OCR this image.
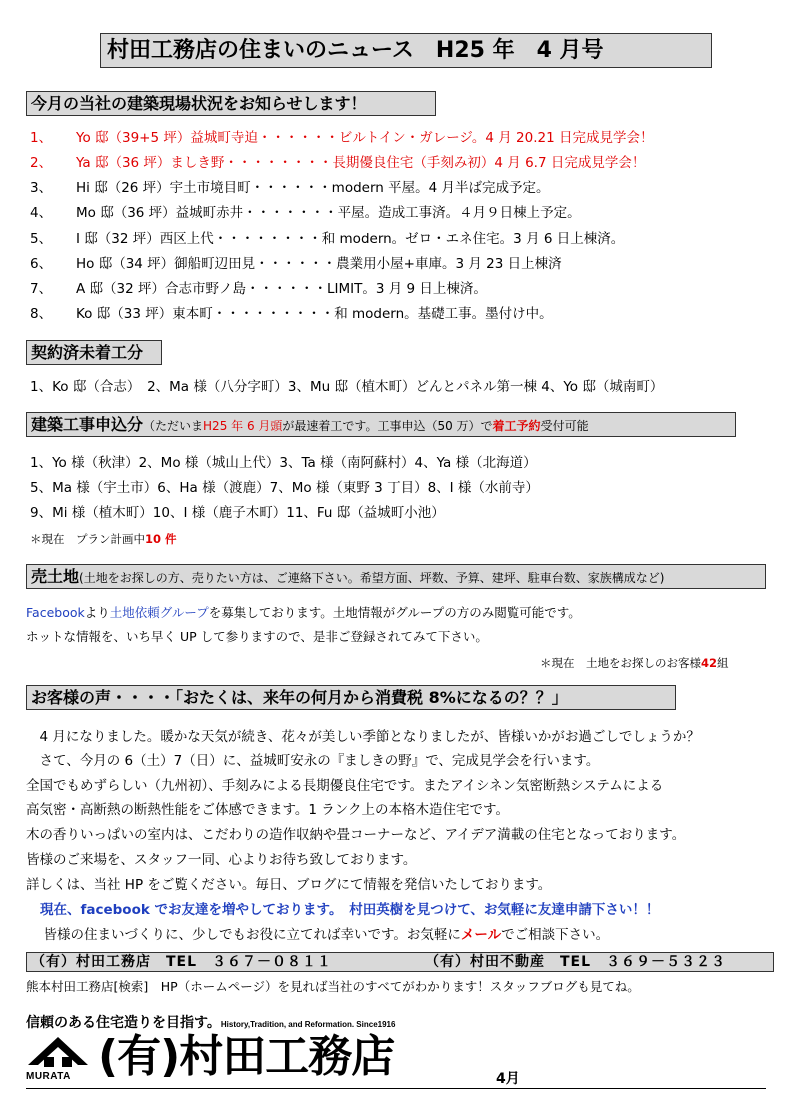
村田工務店の住まいのニュース　H25 年　4 月号
今月の当社の建築現場状況をお知らせします！
1、 Yo 邸（39+5 坪）益城町寺迫・・・・・・ビルトイン・ガレージ。4 月 20.21 日完成見学会！
2、 Ya 邸（36 坪）ましき野・・・・・・・・長期優良住宅（手刻み初）4 月 6.7 日完成見学会！
3、 Hi 邸（26 坪）宇土市境目町・・・・・・modern 平屋。4 月半ば完成予定。
4、 Mo 邸（36 坪）益城町赤井・・・・・・・平屋。造成工事済。４月９日棟上予定。
5、 I 邸（32 坪）西区上代・・・・・・・・和 modern。ゼロ・エネ住宅。3 月 6 日上棟済。
6、 Ho 邸（34 坪）御船町辺田見・・・・・・農業用小屋+車庫。3 月 23 日上棟済
7、 A 邸（32 坪）合志市野ノ島・・・・・・LIMIT。3 月 9 日上棟済。
8、 Ko 邸（33 坪）東本町・・・・・・・・・和 modern。基礎工事。墨付け中。
契約済未着工分
1、Ko 邸（合志）　2、Ma 様（八分字町）3、Mu 邸（植木町）どんとパネル第一棟 4、Yo 邸（城南町）
建築工事申込分（ただいまH25 年 6 月頭が最速着工です。工事申込（50 万）で着工予約受付可能
1、Yo 様（秋津）2、Mo 様（城山上代）3、Ta 様（南阿蘇村）4、Ya 様（北海道）
5、Ma 様（宇土市）6、Ha 様（渡鹿）7、Mo 様（東野 3 丁目）8、I 様（水前寺）
9、Mi 様（植木町）10、I 様（鹿子木町）11、Fu 邸（益城町小池）
＊現在　プラン計画中10 件
売土地(土地をお探しの方、売りたい方は、ご連絡下さい。希望方面、坪数、予算、建坪、駐車台数、家族構成など)
Facebookより土地依頼グループを募集しております。土地情報がグループの方のみ閲覧可能です。
ホットな情報を、いち早く UP して参りますので、是非ご登録されてみて下さい。
＊現在　土地をお探しのお客様42組
お客様の声・・・・「おたくは、来年の何月から消費税 8%になるの？？」
　4 月になりました。暖かな天気が続き、花々が美しい季節となりましたが、皆様いかがお過ごしでしょうか？
　さて、今月の 6（土）7（日）に、益城町安永の『ましきの野』で、完成見学会を行います。
全国でもめずらしい（九州初）、手刻みによる長期優良住宅です。またアイシネン気密断熱システムによる
高気密・高断熱の断熱性能をご体感できます。1 ランク上の本格木造住宅です。
木の香りいっぱいの室内は、こだわりの造作収納や畳コーナーなど、アイデア満載の住宅となっております。
皆様のご来場を、スタッフ一同、心よりお待ち致しております。
詳しくは、当社 HP をご覧ください。毎日、ブログにて情報を発信いたしております。
現在、facebook でお友達を増やしております。　村田英樹を見つけて、お気軽に友達申請下さい！！
　皆様の住まいづくりに、少しでもお役に立てれば幸いです。お気軽にメールでご相談下さい。
（有）村田工務店　TEL　３６７－０８１１	（有）村田不動産　TEL　３６９－５３２３
熊本村田工務店[検索]　HP（ホームページ）を見れば当社のすべてがわかります！スタッフブログも見てね。
信頼のある住宅造りを目指す。History,Tradition, and Reformation. Since1916
MURATA (有)村田工務店	4月
